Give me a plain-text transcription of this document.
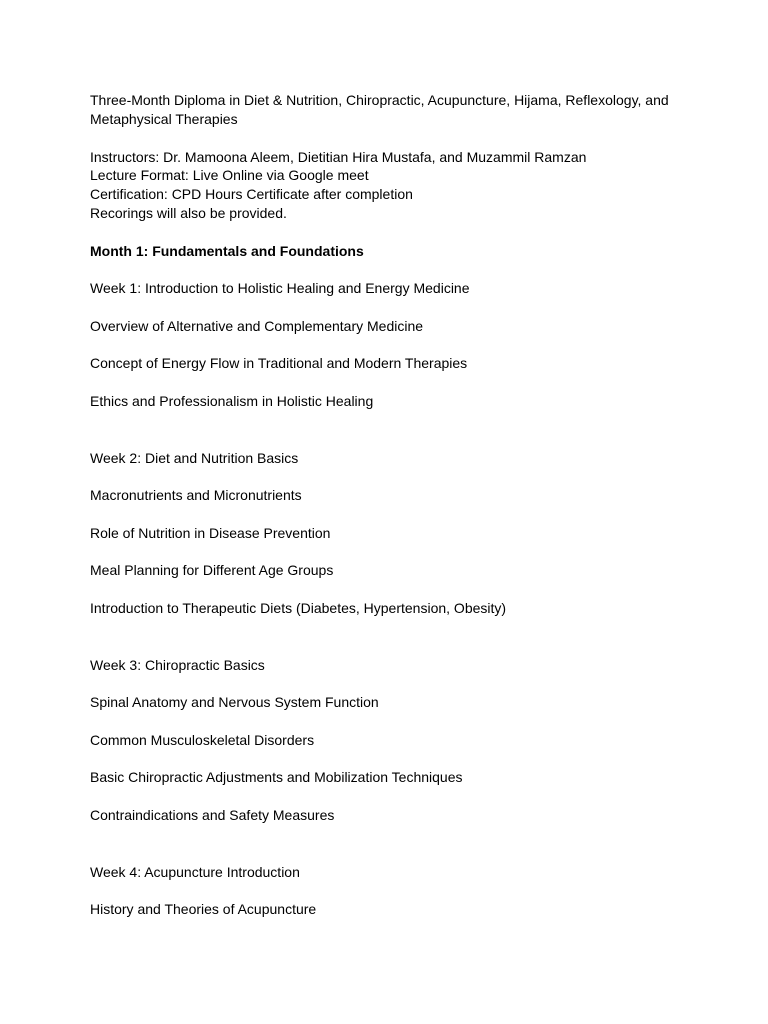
Three-Month Diploma in Diet & Nutrition, Chiropractic, Acupuncture, Hijama, Reflexology, and
Metaphysical Therapies
Instructors: Dr. Mamoona Aleem, Dietitian Hira Mustafa, and Muzammil Ramzan
Lecture Format: Live Online via Google meet
Certification: CPD Hours Certificate after completion
Recorings will also be provided.
Month 1: Fundamentals and Foundations
Week 1: Introduction to Holistic Healing and Energy Medicine
Overview of Alternative and Complementary Medicine
Concept of Energy Flow in Traditional and Modern Therapies
Ethics and Professionalism in Holistic Healing
Week 2: Diet and Nutrition Basics
Macronutrients and Micronutrients
Role of Nutrition in Disease Prevention
Meal Planning for Different Age Groups
Introduction to Therapeutic Diets (Diabetes, Hypertension, Obesity)
Week 3: Chiropractic Basics
Spinal Anatomy and Nervous System Function
Common Musculoskeletal Disorders
Basic Chiropractic Adjustments and Mobilization Techniques
Contraindications and Safety Measures
Week 4: Acupuncture Introduction
History and Theories of Acupuncture
